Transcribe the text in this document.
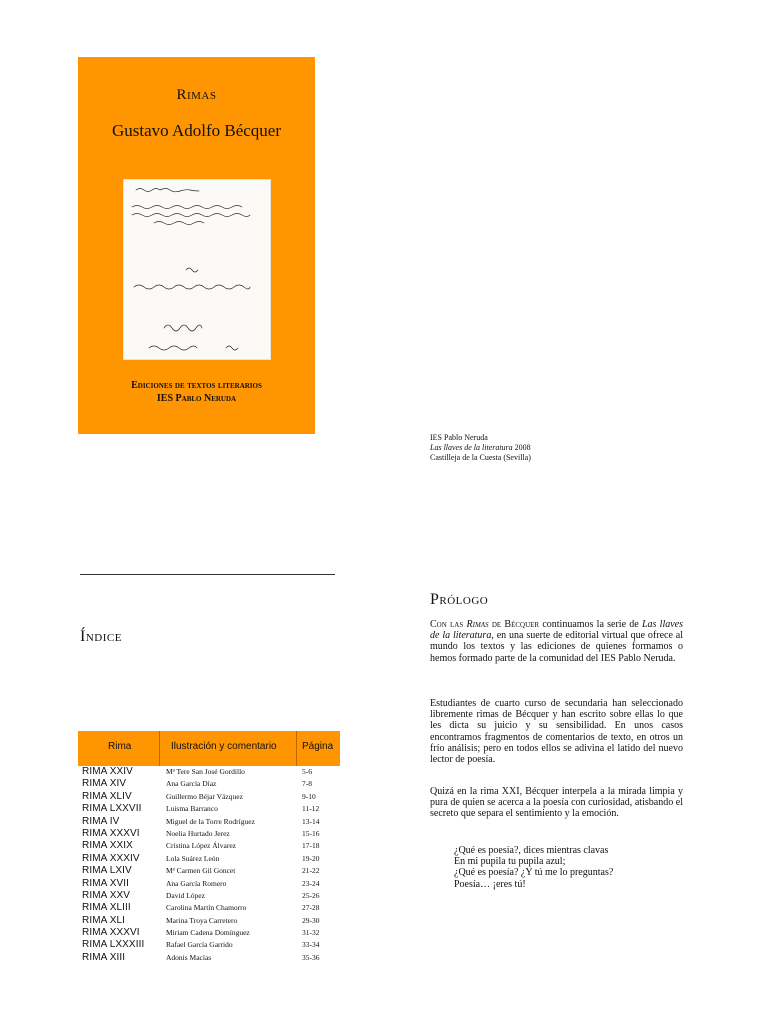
Rimas
Gustavo Adolfo Bécquer
Ediciones de textos literarios
IES Pablo Neruda
IES Pablo Neruda
Las llaves de la literatura 2008
Castilleja de la Cuesta (Sevilla)
Índice
Rima	Ilustración y comentario	Página
RIMA XXIV	Mª Tere San José Gordillo	5-6
RIMA XIV	Ana García Díaz	7-8
RIMA XLIV	Guillermo Béjar Vázquez	9-10
RIMA LXXVII	Luisma Barranco	11-12
RIMA IV	Miguel de la Torre Rodríguez	13-14
RIMA XXXVI	Noelia Hurtado Jerez	15-16
RIMA XXIX	Cristina López Álvarez	17-18
RIMA XXXIV	Lola Suárez León	19-20
RIMA LXIV	Mª Carmen Gil Goncet	21-22
RIMA XVII	Ana García Romero	23-24
RIMA XXV	David López	25-26
RIMA XLIII	Carolina Martín Chamorro	27-28
RIMA XLI	Marina Troya Carretero	29-30
RIMA XXXVI	Miriam Cadena Domínguez	31-32
RIMA LXXXIII	Rafael García Garrido	33-34
RIMA XIII	Adonis Macías	35-36
Prólogo
Con las Rimas de Bécquer continuamos la serie de Las llaves de la literatura, en una suerte de editorial virtual que ofrece al mundo los textos y las ediciones de quienes formamos o hemos formado parte de la comunidad del IES Pablo Neruda.
Estudiantes de cuarto curso de secundaria han seleccionado libremente rimas de Bécquer y han escrito sobre ellas lo que les dicta su juicio y su sensibilidad. En unos casos encontramos fragmentos de comentarios de texto, en otros un frío análisis; pero en todos ellos se adivina el latido del nuevo lector de poesía.
Quizá en la rima XXI, Bécquer interpela a la mirada limpia y pura de quien se acerca a la poesía con curiosidad, atisbando el secreto que separa el sentimiento y la emoción.
¿Qué es poesía?, dices mientras clavas
En mi pupila tu pupila azul;
¿Qué es poesía? ¿Y tú me lo preguntas?
Poesía… ¡eres tú!
